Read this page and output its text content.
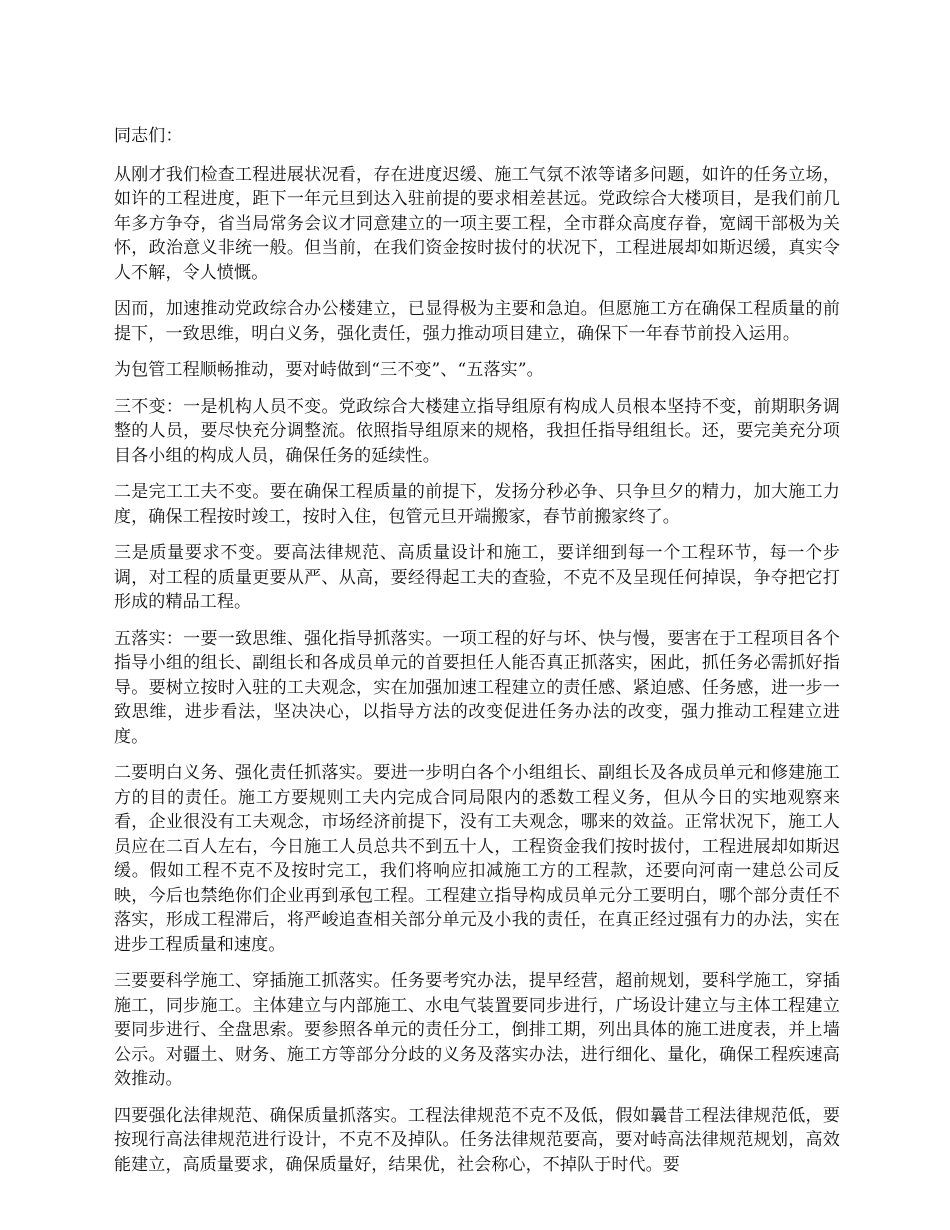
同志们：

从刚才我们检查工程进展状况看，存在进度迟缓、施工气氛不浓等诸多问题，如许的任务立场，如许的工程进度，距下一年元旦到达入驻前提的要求相差甚远。党政综合大楼项目，是我们前几年多方争夺，省当局常务会议才同意建立的一项主要工程，全市群众高度存眷，宽阔干部极为关怀，政治意义非统一般。但当前，在我们资金按时拔付的状况下，工程进展却如斯迟缓，真实令人不解，令人愤慨。

因而，加速推动党政综合办公楼建立，已显得极为主要和急迫。但愿施工方在确保工程质量的前提下，一致思维，明白义务，强化责任，强力推动项目建立，确保下一年春节前投入运用。

为包管工程顺畅推动，要对峙做到“三不变”、“五落实”。

三不变：一是机构人员不变。党政综合大楼建立指导组原有构成人员根本坚持不变，前期职务调整的人员，要尽快充分调整流。依照指导组原来的规格，我担任指导组组长。还，要完美充分项目各小组的构成人员，确保任务的延续性。

二是完工工夫不变。要在确保工程质量的前提下，发扬分秒必争、只争旦夕的精力，加大施工力度，确保工程按时竣工，按时入住，包管元旦开端搬家，春节前搬家终了。

三是质量要求不变。要高法律规范、高质量设计和施工，要详细到每一个工程环节，每一个步调，对工程的质量更要从严、从高，要经得起工夫的查验，不克不及呈现任何掉误，争夺把它打形成的精品工程。

五落实：一要一致思维、强化指导抓落实。一项工程的好与坏、快与慢，要害在于工程项目各个指导小组的组长、副组长和各成员单元的首要担任人能否真正抓落实，困此，抓任务必需抓好指导。要树立按时入驻的工夫观念，实在加强加速工程建立的责任感、紧迫感、任务感，进一步一致思维，进步看法，坚决决心，以指导方法的改变促进任务办法的改变，强力推动工程建立进度。

二要明白义务、强化责任抓落实。要进一步明白各个小组组长、副组长及各成员单元和修建施工方的目的责任。施工方要规则工夫内完成合同局限内的悉数工程义务，但从今日的实地观察来看，企业很没有工夫观念，市场经济前提下，没有工夫观念，哪来的效益。正常状况下，施工人员应在二百人左右，今日施工人员总共不到五十人，工程资金我们按时拔付，工程进展却如斯迟缓。假如工程不克不及按时完工，我们将响应扣减施工方的工程款，还要向河南一建总公司反映，今后也禁绝你们企业再到承包工程。工程建立指导构成员单元分工要明白，哪个部分责任不落实，形成工程滞后，将严峻追查相关部分单元及小我的责任，在真正经过强有力的办法，实在进步工程质量和速度。

三要要科学施工、穿插施工抓落实。任务要考究办法，提早经营，超前规划，要科学施工，穿插施工，同步施工。主体建立与内部施工、水电气装置要同步进行，广场设计建立与主体工程建立要同步进行、全盘思索。要参照各单元的责任分工，倒排工期，列出具体的施工进度表，并上墙公示。对疆土、财务、施工方等部分分歧的义务及落实办法，进行细化、量化，确保工程疾速高效推动。

四要强化法律规范、确保质量抓落实。工程法律规范不克不及低，假如曩昔工程法律规范低，要按现行高法律规范进行设计，不克不及掉队。任务法律规范要高，要对峙高法律规范规划，高效能建立，高质量要求，确保质量好，结果优，社会称心，不掉队于时代。要
